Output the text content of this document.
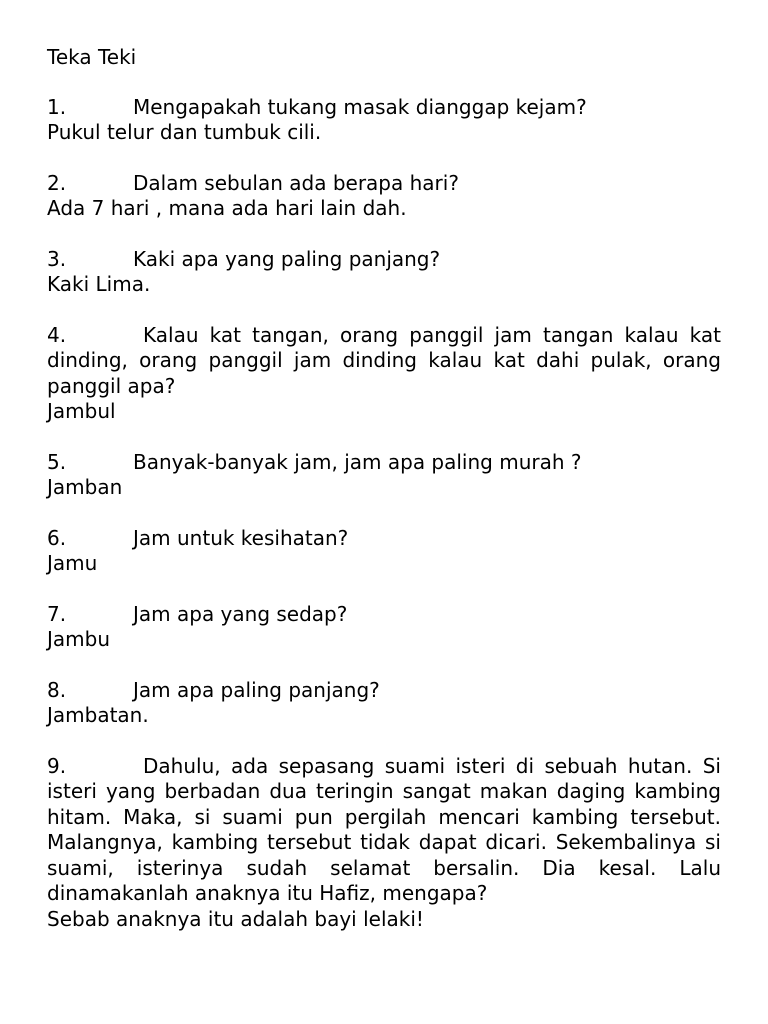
Teka Teki

1.	Mengapakah tukang masak dianggap kejam?

Pukul telur dan tumbuk cili.

2.	Dalam sebulan ada berapa hari?

Ada 7 hari , mana ada hari lain dah.

3.	Kaki apa yang paling panjang?

Kaki Lima.

4.	Kalau kat tangan, orang panggil jam tangan kalau kat dinding, orang panggil jam dinding kalau kat dahi pulak, orang panggil apa?

Jambul

5.	Banyak-banyak jam, jam apa paling murah ?

Jamban

6.	Jam untuk kesihatan?

Jamu

7.	Jam apa yang sedap?

Jambu

8.	Jam apa paling panjang?

Jambatan.

9.	Dahulu, ada sepasang suami isteri di sebuah hutan. Si isteri yang berbadan dua teringin sangat makan daging kambing hitam. Maka, si suami pun pergilah mencari kambing tersebut. Malangnya, kambing tersebut tidak dapat dicari. Sekembalinya si suami, isterinya sudah selamat bersalin. Dia kesal. Lalu dinamakanlah anaknya itu Hafiz, mengapa?

Sebab anaknya itu adalah bayi lelaki!
